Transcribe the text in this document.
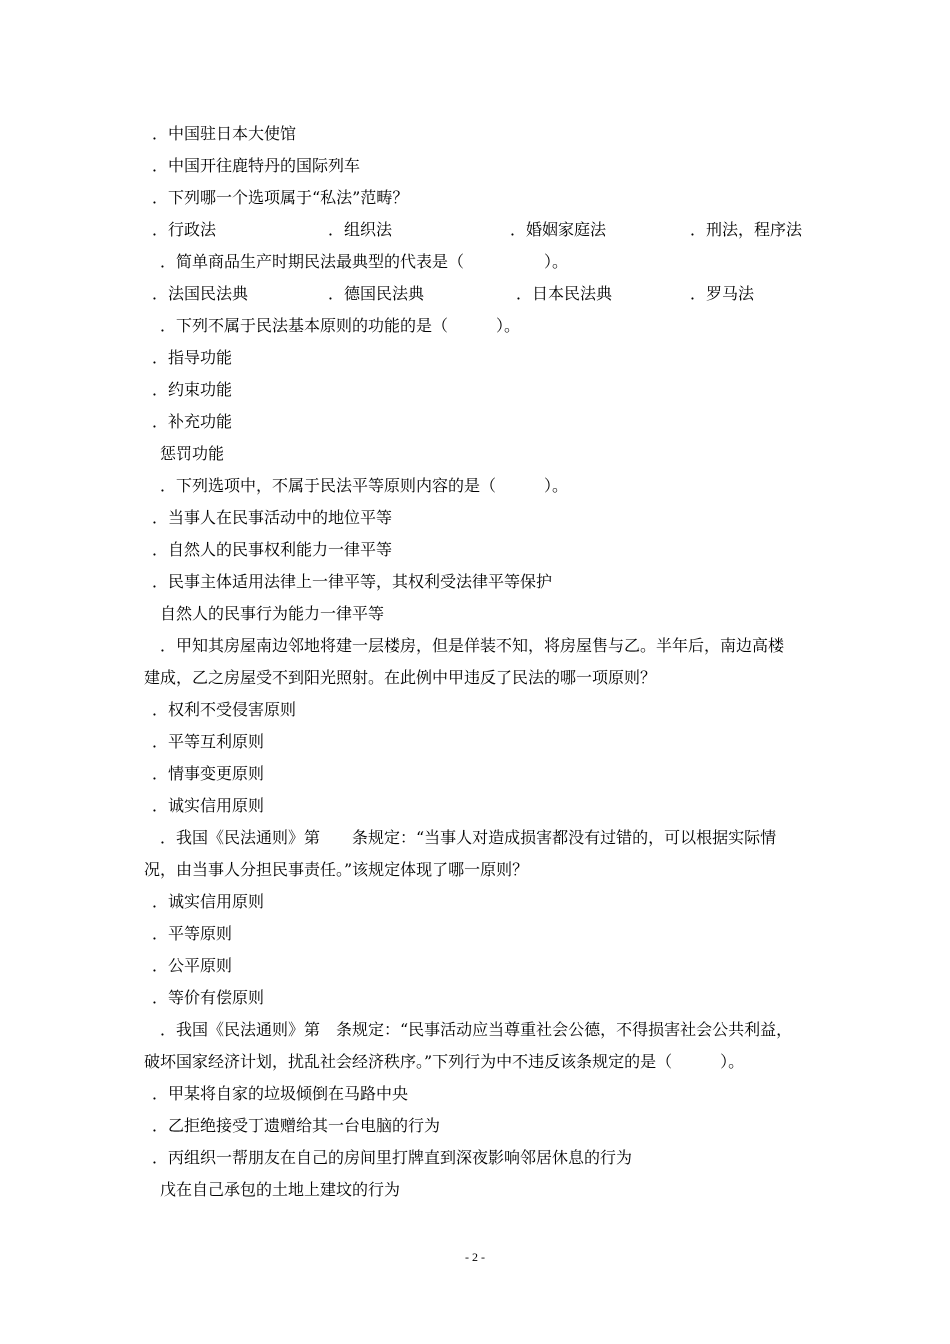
．中国驻日本大使馆
．中国开往鹿特丹的国际列车
．下列哪一个选项属于“私法”范畴？
．简单商品生产时期民法最典型的代表是（　　　　　）。
．下列不属于民法基本原则的功能的是（　　　）。
．指导功能
．约束功能
．补充功能
惩罚功能
．下列选项中，不属于民法平等原则内容的是（　　　）。
．当事人在民事活动中的地位平等
．自然人的民事权利能力一律平等
．民事主体适用法律上一律平等，其权利受法律平等保护
自然人的民事行为能力一律平等
．甲知其房屋南边邻地将建一层楼房，但是佯装不知，将房屋售与乙。半年后，南边高楼
建成，乙之房屋受不到阳光照射。在此例中甲违反了民法的哪一项原则？
．权利不受侵害原则
．平等互利原则
．情事变更原则
．诚实信用原则
．我国《民法通则》第　　条规定：“当事人对造成损害都没有过错的，可以根据实际情
况，由当事人分担民事责任。”该规定体现了哪一原则？
．诚实信用原则
．平等原则
．公平原则
．等价有偿原则
．我国《民法通则》第　条规定：“民事活动应当尊重社会公德，不得损害社会公共利益，
破坏国家经济计划，扰乱社会经济秩序。”下列行为中不违反该条规定的是（　　　）。
．甲某将自家的垃圾倾倒在马路中央
．乙拒绝接受丁遗赠给其一台电脑的行为
．丙组织一帮朋友在自己的房间里打牌直到深夜影响邻居休息的行为
戊在自己承包的土地上建坟的行为
．行政法	．组织法	．婚姻家庭法	．刑法，程序法
．法国民法典	．德国民法典	．日本民法典	．罗马法
- 2 -
